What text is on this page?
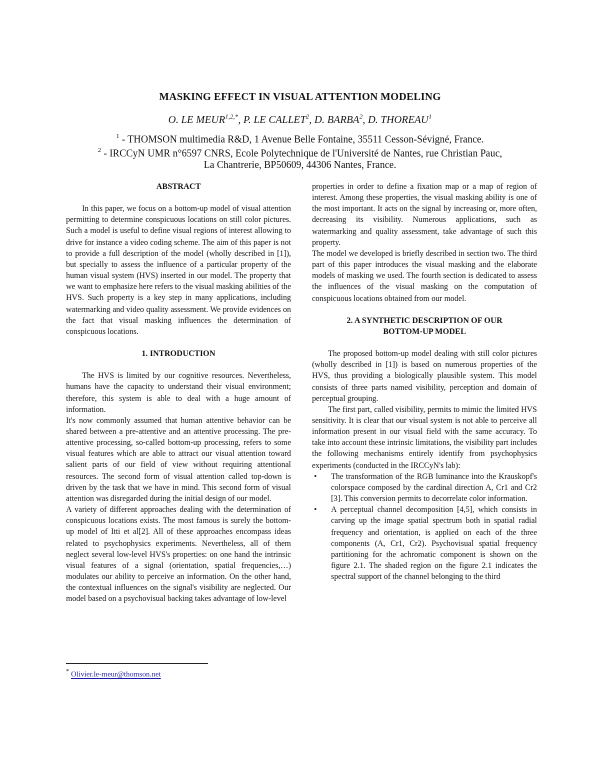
MASKING EFFECT IN VISUAL ATTENTION MODELING
O. LE $MEUR^{1,2,*}$, P. LE CALLET$^2$, D. BARBA$^2$, D. THOREAU$^1$
$^1$ - THOMSON multimedia R&D, 1 Avenue Belle Fontaine, 35511 Cesson-Sévigné, France.
$^2$ - IRCCyN UMR n°6597 CNRS, Ecole Polytechnique de l'Université de Nantes, rue Christian Pauc,
La Chantrerie, BP50609, 44306 Nantes, France.

ABSTRACT

In this paper, we focus on a bottom-up model of visual attention permitting to determine conspicuous locations on still color pictures. Such a model is useful to define visual regions of interest allowing to drive for instance a video coding scheme. The aim of this paper is not to provide a full description of the model (wholly described in [1]), but specially to assess the influence of a particular property of the human visual system (HVS) inserted in our model. The property that we want to emphasize here refers to the visual masking abilities of the HVS. Such property is a key step in many applications, including watermarking and video quality assessment. We provide evidences on the fact that visual masking influences the determination of conspicuous locations.

1. INTRODUCTION

The HVS is limited by our cognitive resources. Nevertheless, humans have the capacity to understand their visual environment; therefore, this system is able to deal with a huge amount of information.

It's now commonly assumed that human attentive behavior can be shared between a pre-attentive and an attentive processing. The pre-attentive processing, so-called bottom-up processing, refers to some visual features which are able to attract our visual attention toward salient parts of our field of view without requiring attentional resources. The second form of visual attention called top-down is driven by the task that we have in mind. This second form of visual attention was disregarded during the initial design of our model.

A variety of different approaches dealing with the determination of conspicuous locations exists. The most famous is surely the bottom-up model of Itti et al[2]. All of these approaches encompass ideas related to psychophysics experiments. Nevertheless, all of them neglect several low-level HVS's properties: on one hand the intrinsic visual features of a signal (orientation, spatial frequencies,…) modulates our ability to perceive an information. On the other hand, the contextual influences on the signal's visibility are neglected. Our model based on a psychovisual backing takes advantage of low-level

properties in order to define a fixation map or a map of region of interest. Among these properties, the visual masking ability is one of the most important. It acts on the signal by increasing or, more often, decreasing its visibility. Numerous applications, such as watermarking and quality assessment, take advantage of such this property.

The model we developed is briefly described in section two. The third part of this paper introduces the visual masking and the elaborate models of masking we used. The fourth section is dedicated to assess the influences of the visual masking on the computation of conspicuous locations obtained from our model.

2. A SYNTHETIC DESCRIPTION OF OUR
BOTTOM-UP MODEL

The proposed bottom-up model dealing with still color pictures (wholly described in [1]) is based on numerous properties of the HVS, thus providing a biologically plausible system. This model consists of three parts named visibility, perception and domain of perceptual grouping.

The first part, called visibility, permits to mimic the limited HVS sensitivity. It is clear that our visual system is not able to perceive all information present in our visual field with the same accuracy. To take into account these intrinsic limitations, the visibility part includes the following mechanisms entirely identify from psychophysics experiments (conducted in the IRCCyN's lab):

• The transformation of the RGB luminance into the Krauskopf's colorspace composed by the cardinal direction A, Cr1 and Cr2 [3]. This conversion permits to decorrelate color information.
• A perceptual channel decomposition [4,5], which consists in carving up the image spatial spectrum both in spatial radial frequency and orientation, is applied on each of the three components (A, Cr1, Cr2). Psychovisual spatial frequency partitioning for the achromatic component is shown on the figure 2.1. The shaded region on the figure 2.1 indicates the spectral support of the channel belonging to the third
* Olivier.le-meur@thomson.net
